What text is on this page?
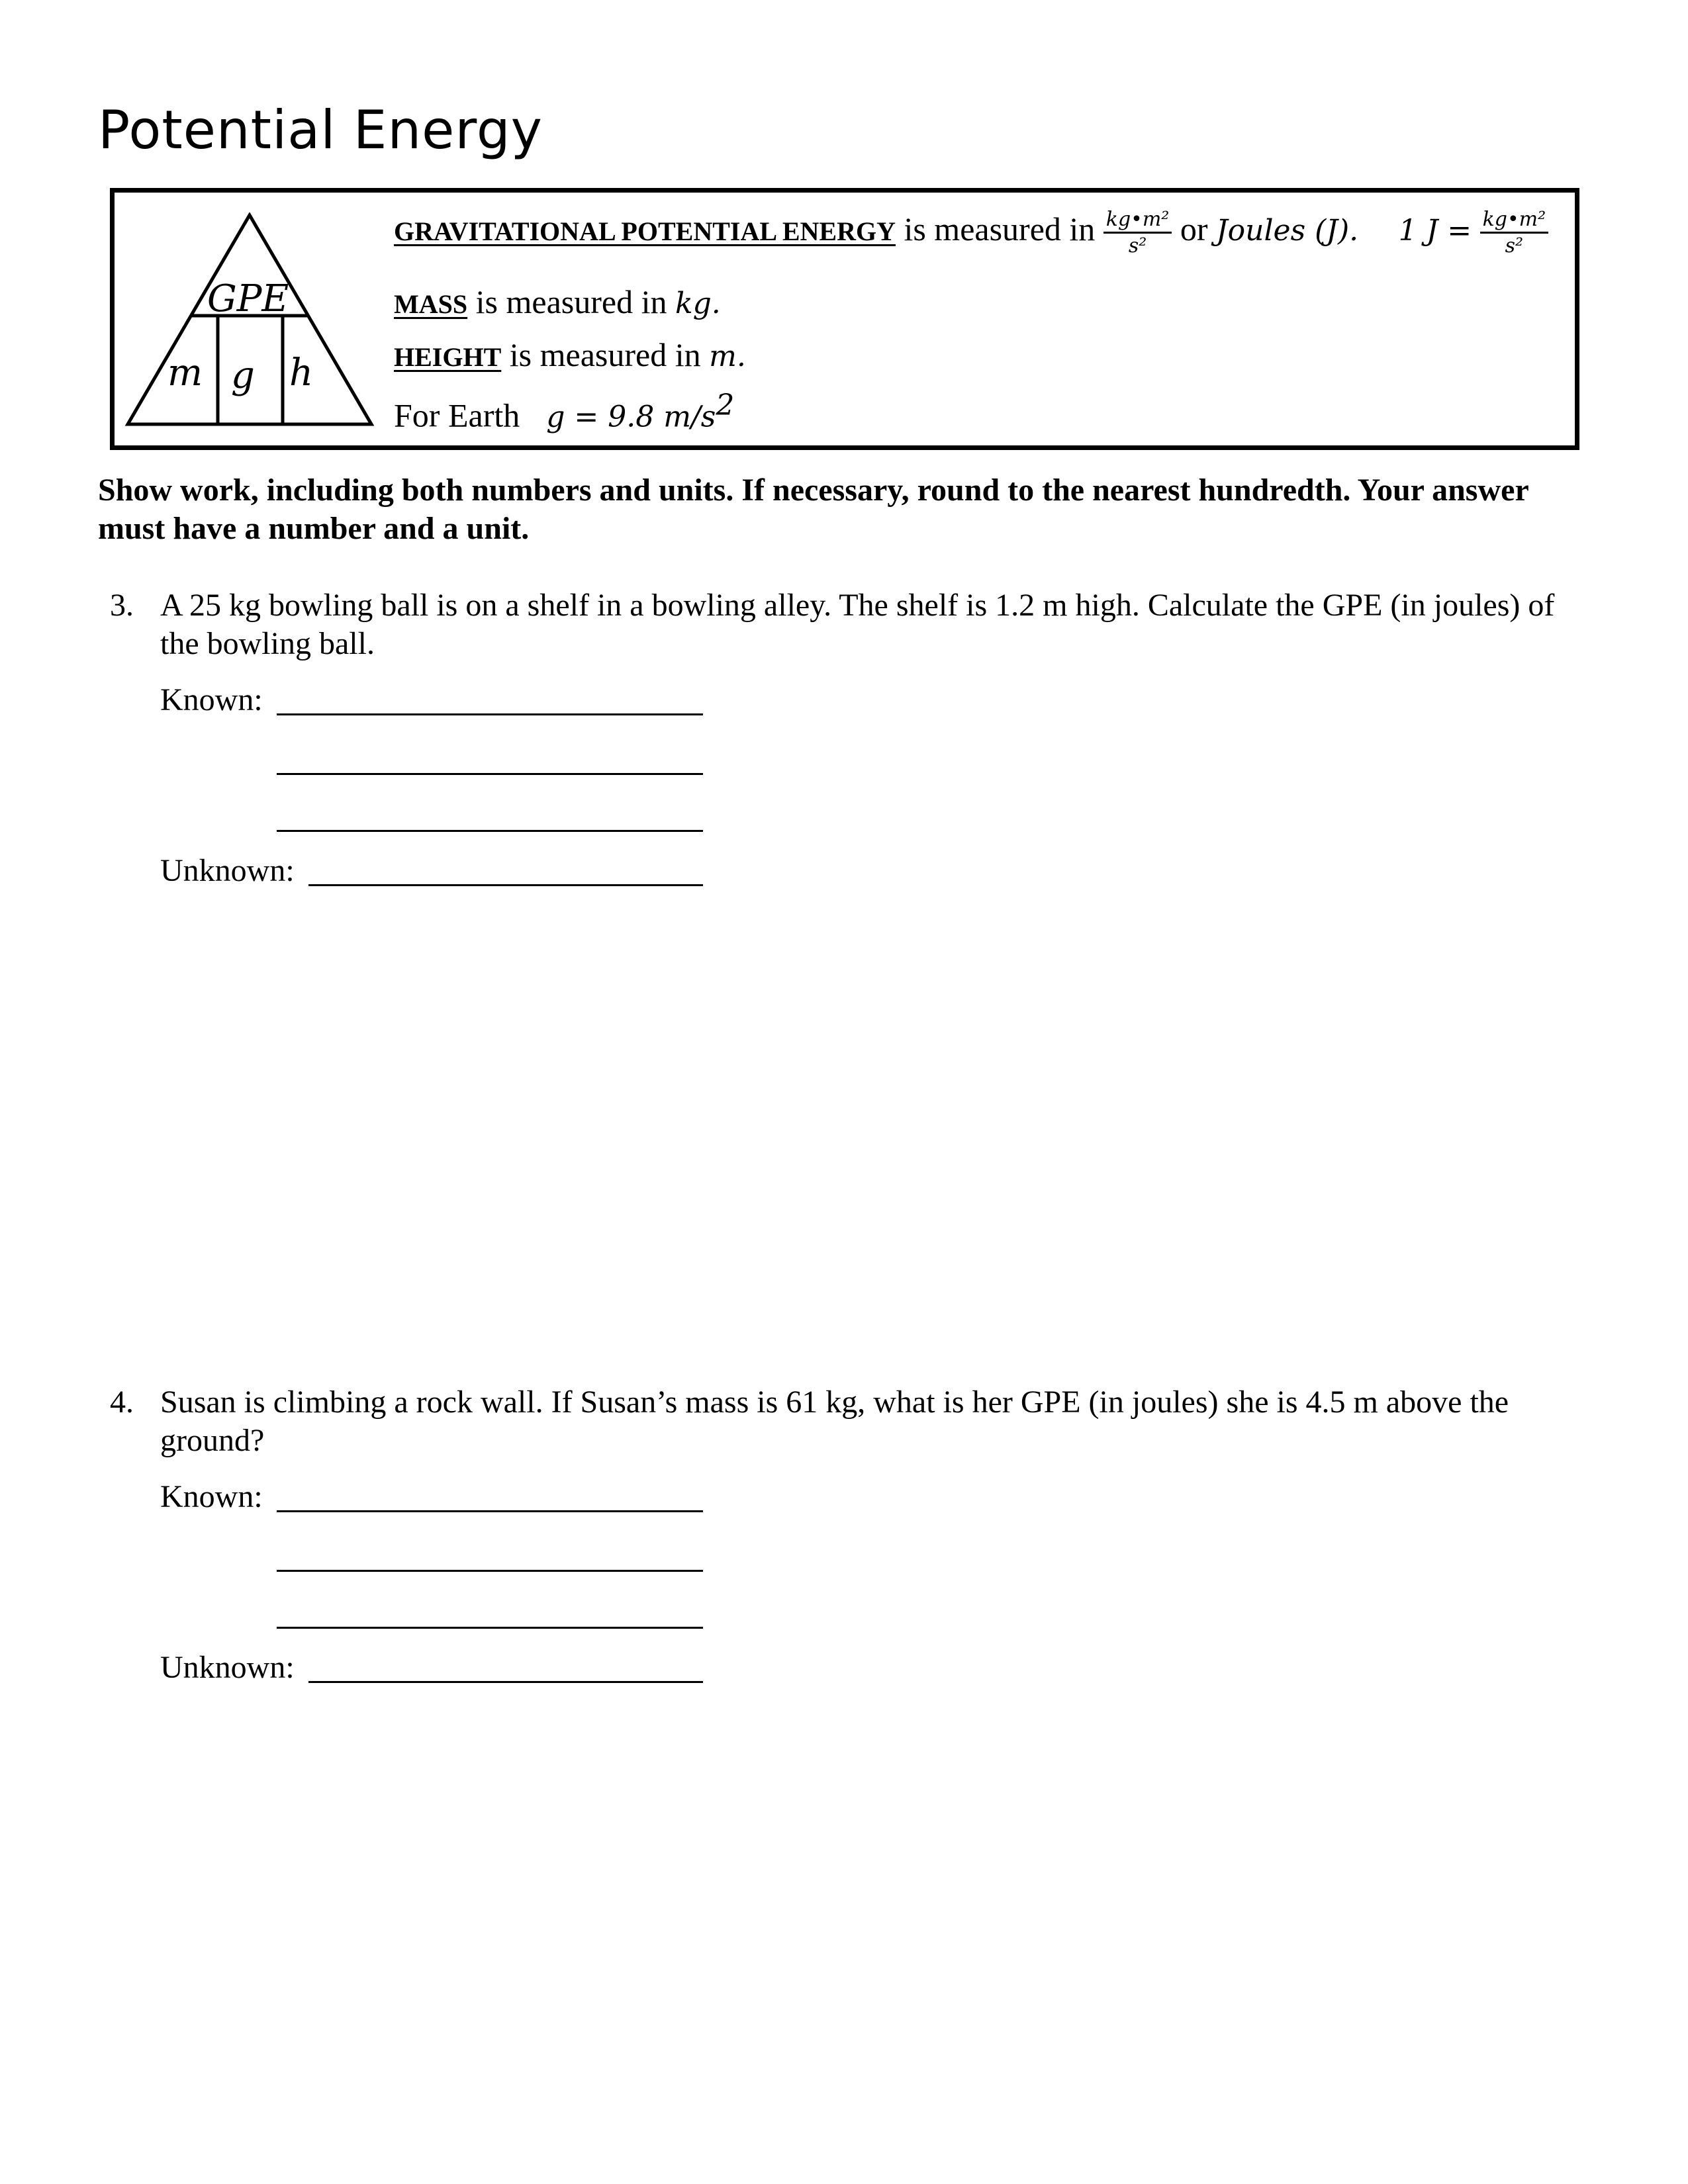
Potential Energy
GPE
m g h
GRAVITATIONAL POTENTIAL ENERGY is measured in $\frac{\text{kg•m²}}{\text{s²}}$ or Joules (J). 1 $J = \frac{\text{kg•m²}}{\text{s²}}$
MASS is measured in kg.
HEIGHT is measured in m.
For Earth g = 9.8 $m/s^2$
Show work, including both numbers and units. If necessary, round to the nearest hundredth. Your answer must have a number and a unit.
3. A 25 kg bowling ball is on a shelf in a bowling alley. The shelf is 1.2 m high. Calculate the GPE (in joules) of the bowling ball.
Known:
Unknown:
4. Susan is climbing a rock wall. If Susan’s mass is 61 kg, what is her GPE (in joules) she is 4.5 m above the ground?
Known:
Unknown:
